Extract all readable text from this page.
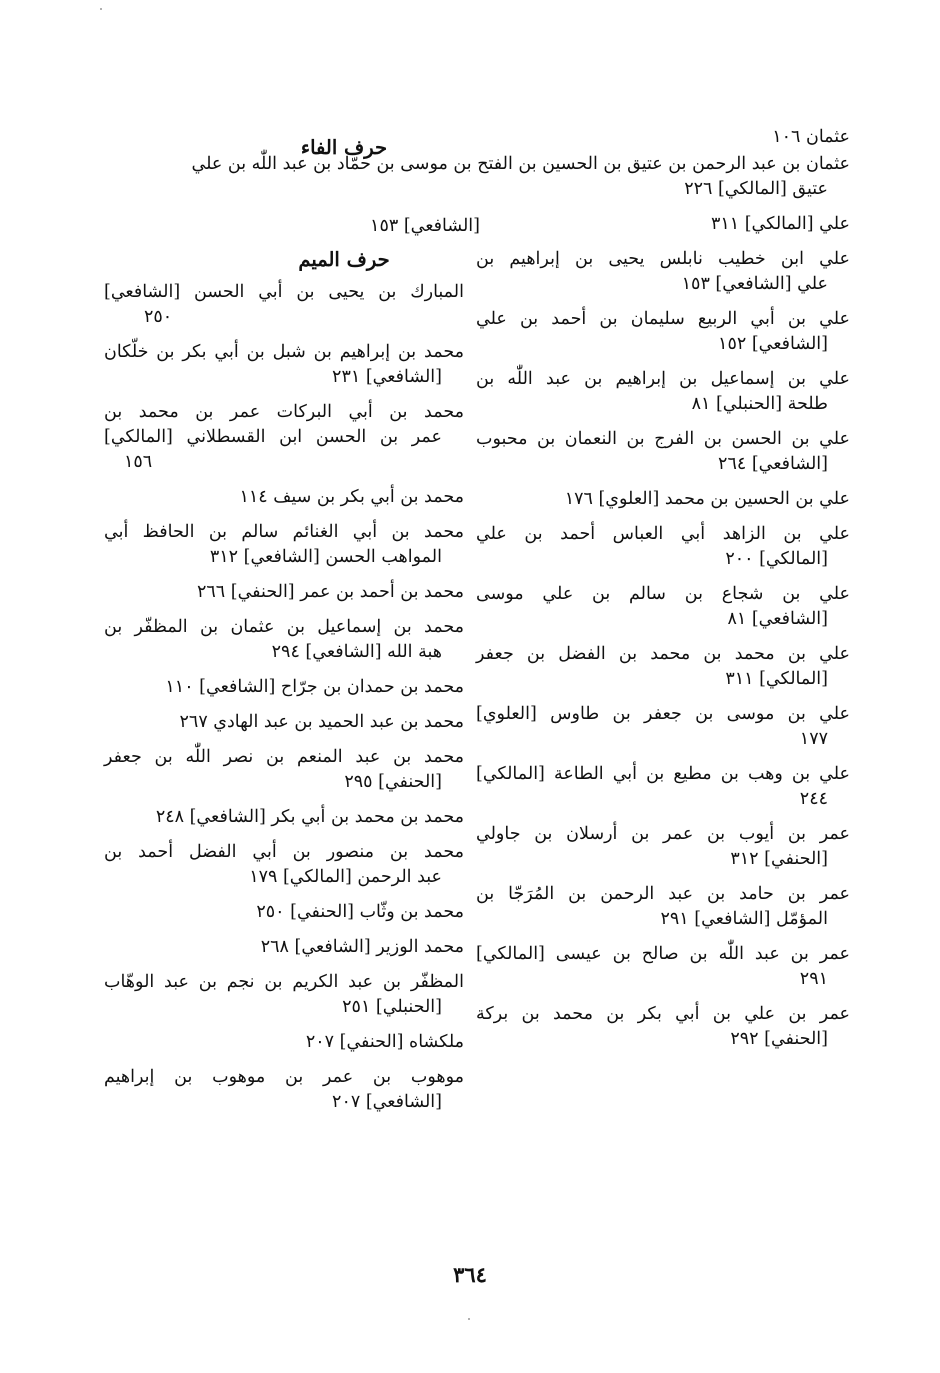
عثمان ١٠٦
عثمان بن عبد الرحمن بن عتيق بن الحسين بن الفتح بن موسى بن حمّاد بن عبد اللّٰه بن علي
عتيق [المالكي] ٢٢٦
علي [المالكي] ٣١١
علي ابن خطيب نابلس يحيى بن إبراهيم بن
علي [الشافعي] ١٥٣
علي بن أبي الربيع سليمان بن أحمد بن علي
[الشافعي] ١٥٢
علي بن إسماعيل بن إبراهيم بن عبد اللّٰه بن
طلحة [الحنبلي] ٨١
علي بن الحسن بن الفرج بن النعمان بن محبوب
[الشافعي] ٢٦٤
علي بن الحسين بن محمد [العلوي] ١٧٦
علي بن الزاهد أبي العباس أحمد بن علي
[المالكي] ٢٠٠
علي بن شجاع بن سالم بن علي موسى
[الشافعي] ٨١
علي بن محمد بن محمد بن الفضل بن جعفر
[المالكي] ٣١١
علي بن موسى بن جعفر بن طاوس [العلوي]
١٧٧
علي بن وهب بن مطيع بن أبي الطاعة [المالكي]
٢٤٤
عمر بن أيوب بن عمر بن أرسلان بن جاولي
[الحنفي] ٣١٢
عمر بن حامد بن عبد الرحمن بن المُرَجّا بن
المؤمّل [الشافعي] ٢٩١
عمر بن عبد اللّٰه بن صالح بن عيسى [المالكي]
٢٩١
عمر بن علي بن أبي بكر بن محمد بن بركة
[الحنفي] ٢٩٢
حرف الفاء
[الشافعي] ١٥٣
حرف الميم
المبارك بن يحيى بن أبي الحسن [الشافعي]
٢٥٠
محمد بن إبراهيم بن شبل بن أبي بكر بن خلّكان
[الشافعي] ٢٣١
محمد بن أبي البركات عمر بن محمد بن
عمر بن الحسن ابن القسطلاني [المالكي]
١٥٦
محمد بن أبي بكر بن سيف ١١٤
محمد بن أبي الغنائم سالم بن الحافظ أبي
المواهب الحسن [الشافعي] ٣١٢
محمد بن أحمد بن عمر [الحنفي] ٢٦٦
محمد بن إسماعيل بن عثمان بن المظفّر بن
هبة الله [الشافعي] ٢٩٤
محمد بن حمدان بن جرّاح [الشافعي] ١١٠
محمد بن عبد الحميد بن عبد الهادي ٢٦٧
محمد بن عبد المنعم بن نصر اللّٰه بن جعفر
[الحنفي] ٢٩٥
محمد بن محمد بن أبي بكر [الشافعي] ٢٤٨
محمد بن منصور بن أبي الفضل أحمد بن
عبد الرحمن [المالكي] ١٧٩
محمد بن وثّاب [الحنفي] ٢٥٠
محمد الوزير [الشافعي] ٢٦٨
المظفّر بن عبد الكريم بن نجم بن عبد الوهّاب
[الحنبلي] ٢٥١
ملكشاه [الحنفي] ٢٠٧
موهوب بن عمر بن موهوب بن إبراهيم
[الشافعي] ٢٠٧
٣٦٤
